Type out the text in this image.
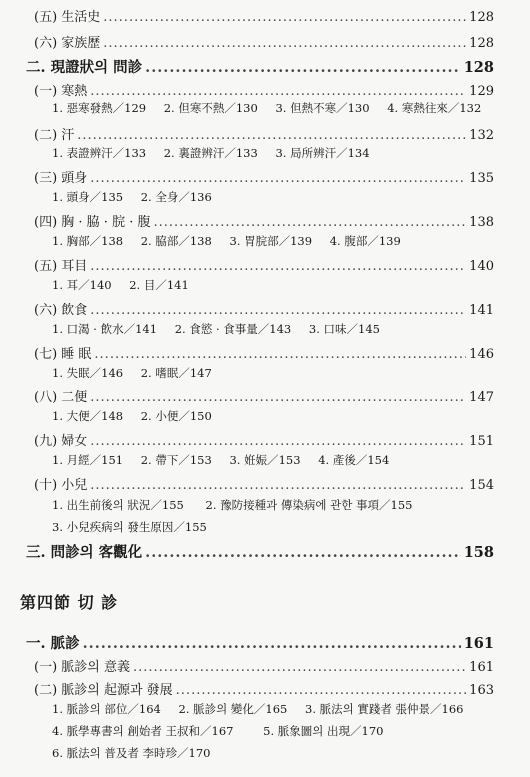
(五) 生活史 .....	128
(六) 家族歷 .....	128
二. 現證狀의 問診 .....	128
(一) 寒熱 .....	129
1. 惡寒發熱／129 2. 但寒不熱／130 3. 但熱不寒／130 4. 寒熱往來／132
(二) 汗 .....	132
1. 表證辨汗／133 2. 裏證辨汗／133 3. 局所辨汗／134
(三) 頭身 .....	135
1. 頭身／135 2. 全身／136
(四) 胸 · 脇 · 脘 · 腹 .....	138
1. 胸部／138 2. 脇部／138 3. 胃脘部／139 4. 腹部／139
(五) 耳目 .....	140
1. 耳／140 2. 目／141
(六) 飲食 .....	141
1. 口渴 · 飲水／141 2. 食慾 · 食事量／143 3. 口味／145
(七) 睡 眠 .....	146
1. 失眠／146 2. 嗜眠／147
(八) 二便 .....	147
1. 大便／148 2. 小便／150
(九) 婦女 .....	151
1. 月經／151 2. 帶下／153 3. 姙娠／153 4. 產後／154
(十) 小兒 .....	154
1. 出生前後의 狀況／155 2. 豫防接種과 傳染病에 관한 事項／155
3. 小兒疾病의 發生原因／155
三. 問診의 客觀化 .....	158
第四節 切 診
一. 脈診 .....	161
(一) 脈診의 意義 .....	161
(二) 脈診의 起源과 發展 .....	163
1. 脈診의 部位／164 2. 脈診의 變化／165 3. 脈法의 實踐者 張仲景／166
4. 脈學專書의 創始者 王叔和／167	5. 脈象圖의 出現／170
6. 脈法의 普及者 李時珍／170
